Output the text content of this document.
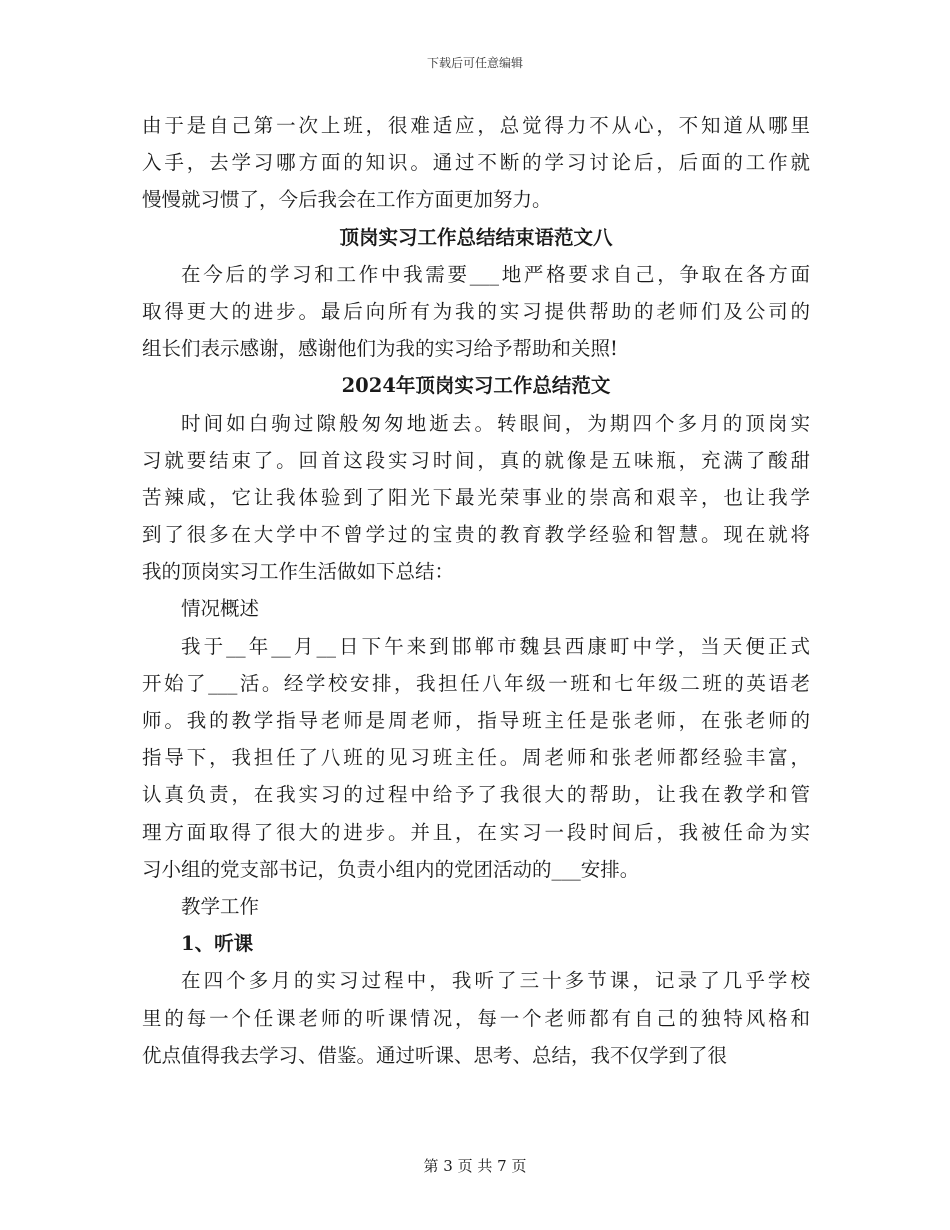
下载后可任意编辑
由于是自己第一次上班，很难适应，总觉得力不从心，不知道从哪里
入手，去学习哪方面的知识。通过不断的学习讨论后，后面的工作就
慢慢就习惯了，今后我会在工作方面更加努力。
顶岗实习工作总结结束语范文八
在今后的学习和工作中我需要___地严格要求自己，争取在各方面
取得更大的进步。最后向所有为我的实习提供帮助的老师们及公司的
组长们表示感谢，感谢他们为我的实习给予帮助和关照!
2024年顶岗实习工作总结范文
时间如白驹过隙般匆匆地逝去。转眼间，为期四个多月的顶岗实
习就要结束了。回首这段实习时间，真的就像是五味瓶，充满了酸甜
苦辣咸，它让我体验到了阳光下最光荣事业的崇高和艰辛，也让我学
到了很多在大学中不曾学过的宝贵的教育教学经验和智慧。现在就将
我的顶岗实习工作生活做如下总结：
情况概述
我于__年__月__日下午来到邯郸市魏县西康町中学，当天便正式
开始了___活。经学校安排，我担任八年级一班和七年级二班的英语老
师。我的教学指导老师是周老师，指导班主任是张老师，在张老师的
指导下，我担任了八班的见习班主任。周老师和张老师都经验丰富，
认真负责，在我实习的过程中给予了我很大的帮助，让我在教学和管
理方面取得了很大的进步。并且，在实习一段时间后，我被任命为实
习小组的党支部书记，负责小组内的党团活动的___安排。
教学工作
1、听课
在四个多月的实习过程中，我听了三十多节课，记录了几乎学校
里的每一个任课老师的听课情况，每一个老师都有自己的独特风格和
优点值得我去学习、借鉴。通过听课、思考、总结，我不仅学到了很
第 3 页 共 7 页
